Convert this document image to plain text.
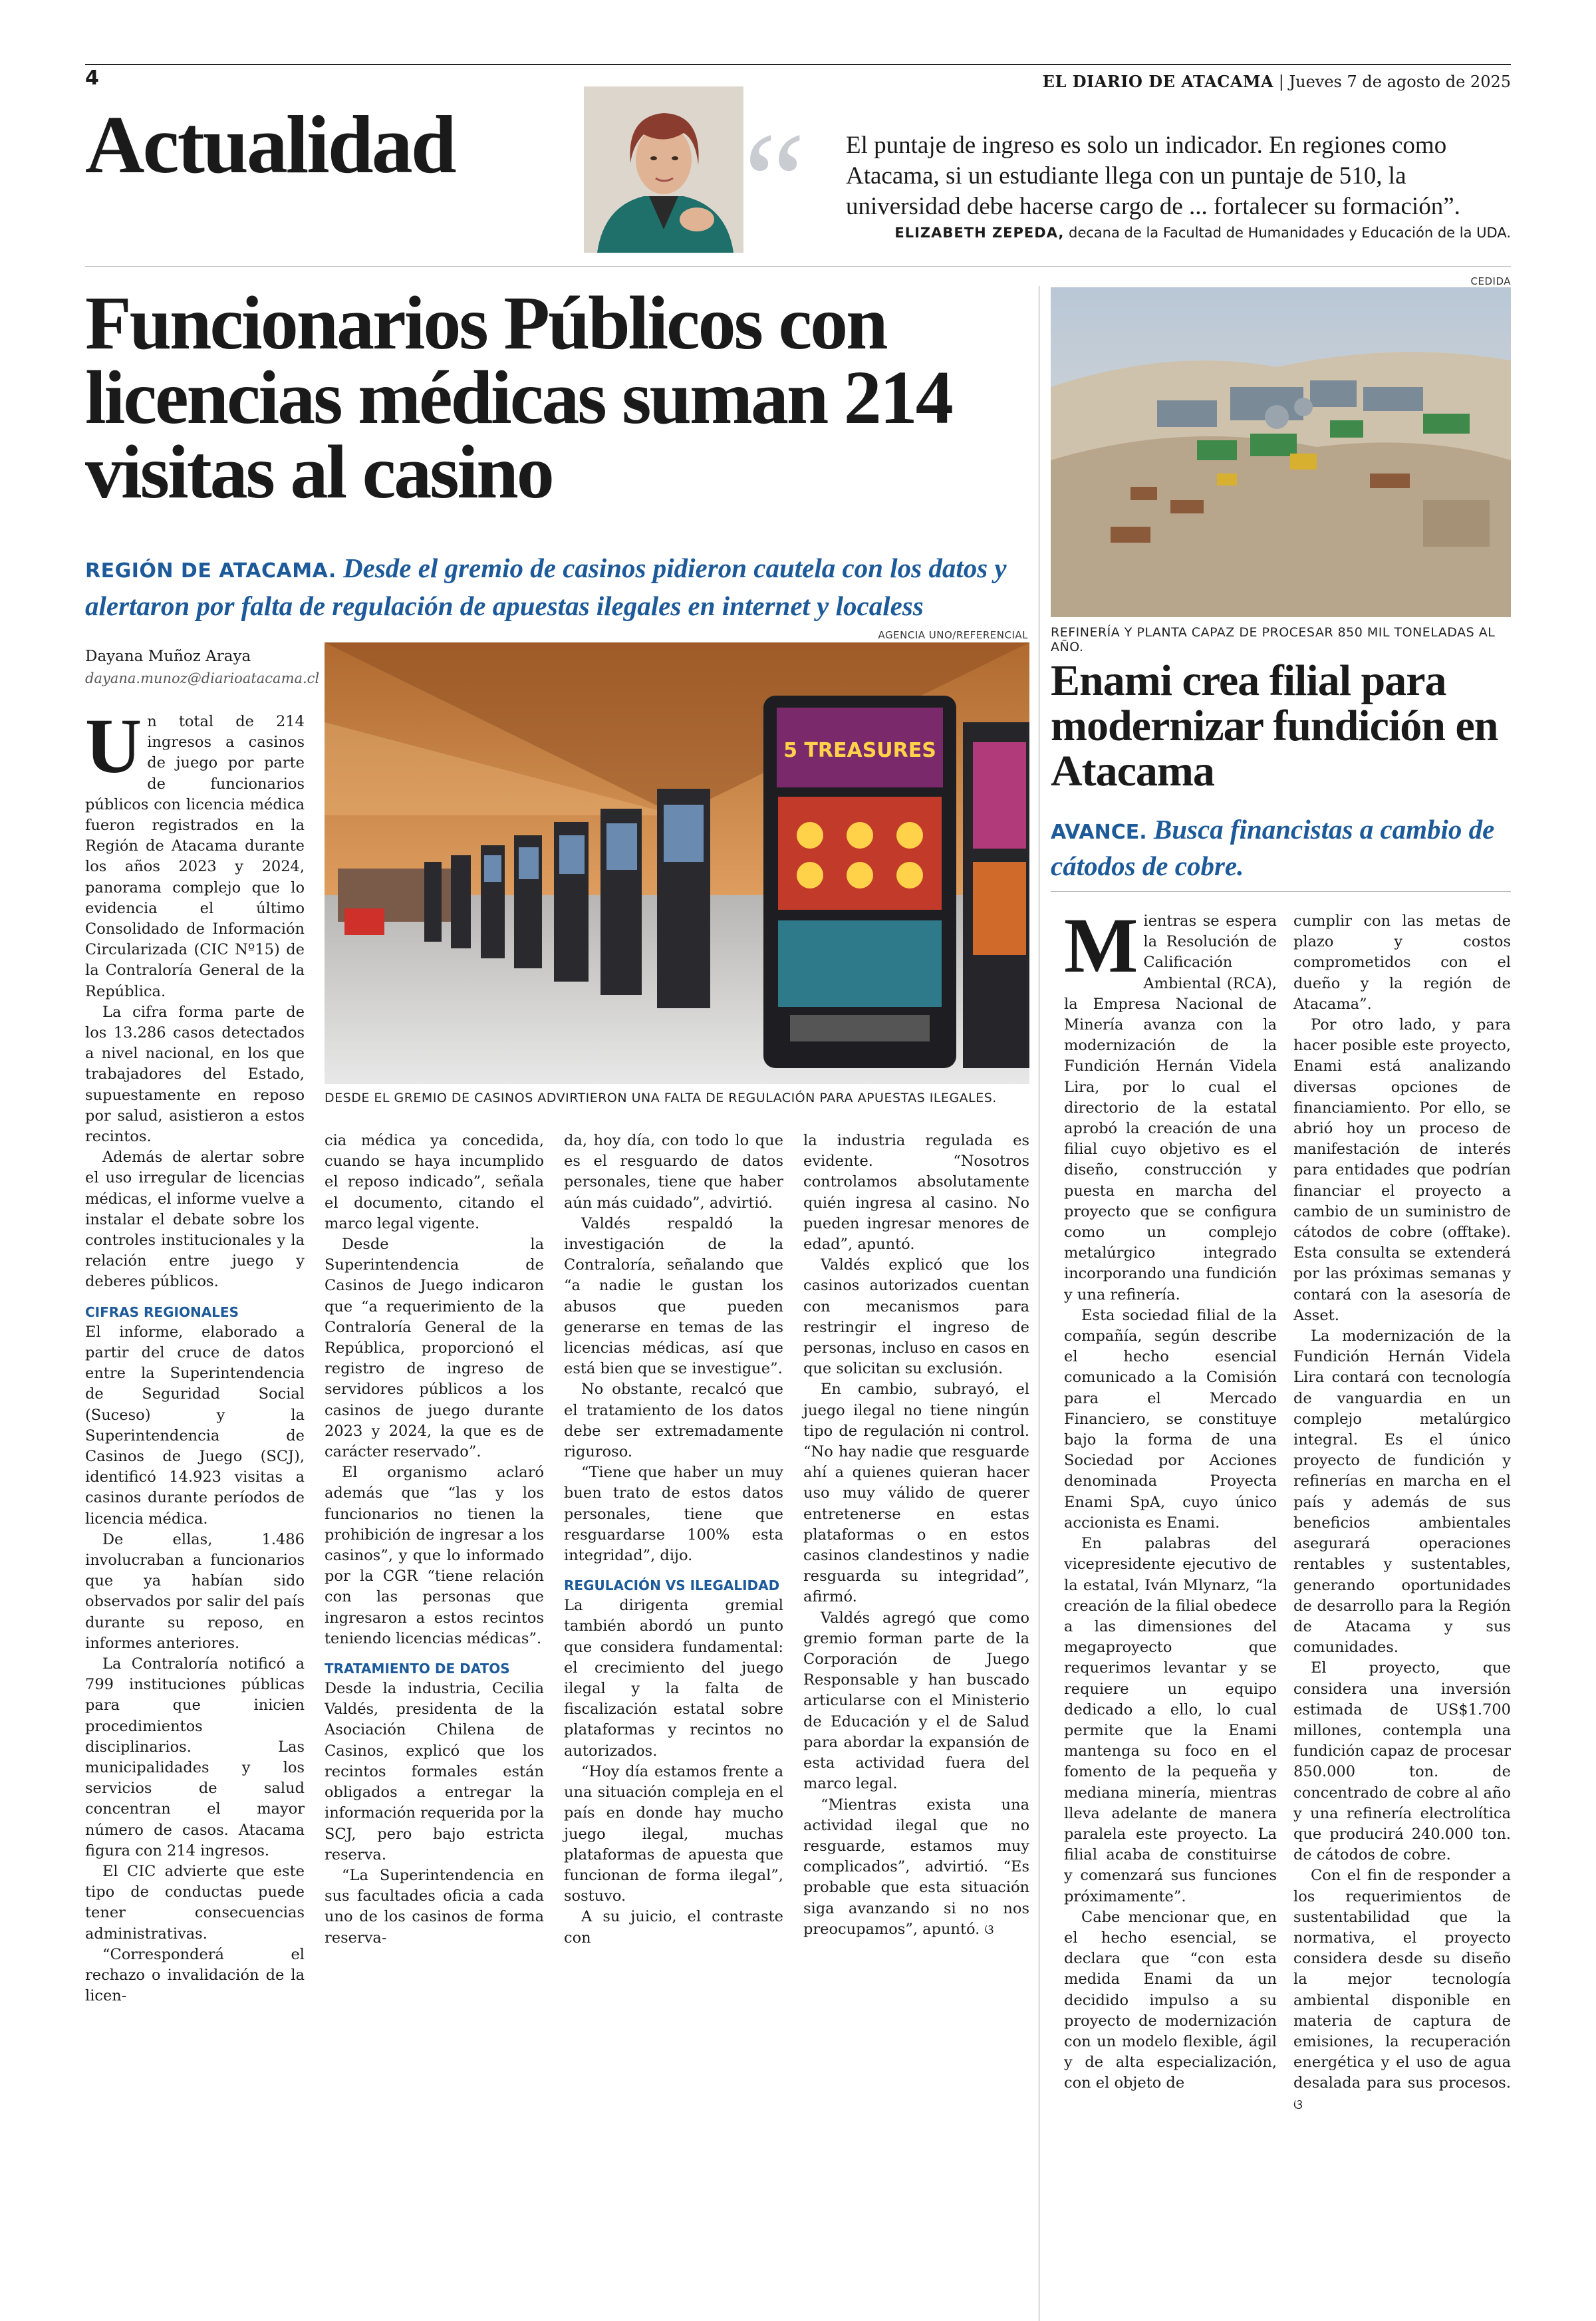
4	EL DIARIO DE ATACAMA | Jueves 7 de agosto de 2025
Actualidad “ El puntaje de ingreso es solo un indicador. En regiones como Atacama, si un estudiante llega con un puntaje de 510, la universidad debe hacerse cargo de ... fortalecer su formación”.
ELIZABETH ZEPEDA, decana de la Facultad de Humanidades y Educación de la UDA.
Funcionarios Públicos con licencias médicas suman 214 visitas al casino
REGIÓN DE ATACAMA. Desde el gremio de casinos pidieron cautela con los datos y alertaron por falta de regulación de apuestas ilegales en internet y localess
Dayana Muñoz Araya
dayana.munoz@diarioatacama.cl
AGENCIA UNO/REFERENCIAL
5 TREASURES
DESDE EL GREMIO DE CASINOS ADVIRTIERON UNA FALTA DE REGULACIÓN PARA APUESTAS ILEGALES.

Un total de 214 ingresos a casinos de juego por parte de funcionarios públicos con licencia médica fueron registrados en la Región de Atacama durante los años 2023 y 2024, panorama complejo que lo evidencia el último Consolidado de Información Circularizada (CIC Nº15) de la Contraloría General de la República.

La cifra forma parte de los 13.286 casos detectados a nivel nacional, en los que trabajadores del Estado, supuestamente en reposo por salud, asistieron a estos recintos.

Además de alertar sobre el uso irregular de licencias médicas, el informe vuelve a instalar el debate sobre los controles institucionales y la relación entre juego y deberes públicos.

CIFRAS REGIONALES

El informe, elaborado a partir del cruce de datos entre la Superintendencia de Seguridad Social (Suceso) y la Superintendencia de Casinos de Juego (SCJ), identificó 14.923 visitas a casinos durante períodos de licencia médica.

De ellas, 1.486 involucraban a funcionarios que ya habían sido observados por salir del país durante su reposo, en informes anteriores.

La Contraloría notificó a 799 instituciones públicas para que inicien procedimientos disciplinarios. Las municipalidades y los servicios de salud concentran el mayor número de casos. Atacama figura con 214 ingresos.

El CIC advierte que este tipo de conductas puede tener consecuencias administrativas.

“Corresponderá el rechazo o invalidación de la licen-

cia médica ya concedida, cuando se haya incumplido el reposo indicado”, señala el documento, citando el marco legal vigente.

Desde la Superintendencia de Casinos de Juego indicaron que “a requerimiento de la Contraloría General de la República, proporcionó el registro de ingreso de servidores públicos a los casinos de juego durante 2023 y 2024, la que es de carácter reservado”.

El organismo aclaró además que “las y los funcionarios no tienen la prohibición de ingresar a los casinos”, y que lo informado por la CGR “tiene relación con las personas que ingresaron a estos recintos teniendo licencias médicas”.

TRATAMIENTO DE DATOS

Desde la industria, Cecilia Valdés, presidenta de la Asociación Chilena de Casinos, explicó que los recintos formales están obligados a entregar la información requerida por la SCJ, pero bajo estricta reserva.

“La Superintendencia en sus facultades oficia a cada uno de los casinos de forma reserva-

da, hoy día, con todo lo que es el resguardo de datos personales, tiene que haber aún más cuidado”, advirtió.

Valdés respaldó la investigación de la Contraloría, señalando que “a nadie le gustan los abusos que pueden generarse en temas de las licencias médicas, así que está bien que se investigue”.

No obstante, recalcó que el tratamiento de los datos debe ser extremadamente riguroso.

“Tiene que haber un muy buen trato de estos datos personales, tiene que resguardarse 100% esta integridad”, dijo.

REGULACIÓN VS ILEGALIDAD

La dirigenta gremial también abordó un punto que considera fundamental: el crecimiento del juego ilegal y la falta de fiscalización estatal sobre plataformas y recintos no autorizados.

“Hoy día estamos frente a una situación compleja en el país en donde hay mucho juego ilegal, muchas plataformas de apuesta que funcionan de forma ilegal”, sostuvo.

A su juicio, el contraste con

la industria regulada es evidente. “Nosotros controlamos absolutamente quién ingresa al casino. No pueden ingresar menores de edad”, apuntó.

Valdés explicó que los casinos autorizados cuentan con mecanismos para restringir el ingreso de personas, incluso en casos en que solicitan su exclusión.

En cambio, subrayó, el juego ilegal no tiene ningún tipo de regulación ni control. “No hay nadie que resguarde ahí a quienes quieran hacer uso muy válido de querer entretenerse en estas plataformas o en estos casinos clandestinos y nadie resguarda su integridad”, afirmó.

Valdés agregó que como gremio forman parte de la Corporación de Juego Responsable y han buscado articularse con el Ministerio de Educación y el de Salud para abordar la expansión de esta actividad fuera del marco legal.

“Mientras exista una actividad ilegal que no resguarde, estamos muy complicados”, advirtió. “Es probable que esta situación siga avanzando si no nos preocupamos”, apuntó. ଓ

CEDIDA
REFINERÍA Y PLANTA CAPAZ DE PROCESAR 850 MIL TONELADAS AL AÑO.
Enami crea filial para modernizar fundición en Atacama
AVANCE. Busca financistas a cambio de cátodos de cobre.

Mientras se espera la Resolución de Calificación Ambiental (RCA), la Empresa Nacional de Minería avanza con la modernización de la Fundición Hernán Videla Lira, por lo cual el directorio de la estatal aprobó la creación de una filial cuyo objetivo es el diseño, construcción y puesta en marcha del proyecto que se configura como un complejo metalúrgico integrado incorporando una fundición y una refinería.

Esta sociedad filial de la compañía, según describe el hecho esencial comunicado a la Comisión para el Mercado Financiero, se constituye bajo la forma de una Sociedad por Acciones denominada Proyecta Enami SpA, cuyo único accionista es Enami.

En palabras del vicepresidente ejecutivo de la estatal, Iván Mlynarz, “la creación de la filial obedece a las dimensiones del megaproyecto que requerimos levantar y se requiere un equipo dedicado a ello, lo cual permite que la Enami mantenga su foco en el fomento de la pequeña y mediana minería, mientras lleva adelante de manera paralela este proyecto. La filial acaba de constituirse y comenzará sus funciones próximamente”.

Cabe mencionar que, en el hecho esencial, se declara que “con esta medida Enami da un decidido impulso a su proyecto de modernización con un modelo flexible, ágil y de alta especialización, con el objeto de

cumplir con las metas de plazo y costos comprometidos con el dueño y la región de Atacama”.

Por otro lado, y para hacer posible este proyecto, Enami está analizando diversas opciones de financiamiento. Por ello, se abrió hoy un proceso de manifestación de interés para entidades que podrían financiar el proyecto a cambio de un suministro de cátodos de cobre (offtake). Esta consulta se extenderá por las próximas semanas y contará con la asesoría de Asset.

La modernización de la Fundición Hernán Videla Lira contará con tecnología de vanguardia en un complejo metalúrgico integral. Es el único proyecto de fundición y refinerías en marcha en el país y además de sus beneficios ambientales asegurará operaciones rentables y sustentables, generando oportunidades de desarrollo para la Región de Atacama y sus comunidades.

El proyecto, que considera una inversión estimada de US$1.700 millones, contempla una fundición capaz de procesar 850.000 ton. de concentrado de cobre al año y una refinería electrolítica que producirá 240.000 ton. de cátodos de cobre.

Con el fin de responder a los requerimientos de sustentabilidad que la normativa, el proyecto considera desde su diseño la mejor tecnología ambiental disponible en materia de captura de emisiones, la recuperación energética y el uso de agua desalada para sus procesos. ଓ
